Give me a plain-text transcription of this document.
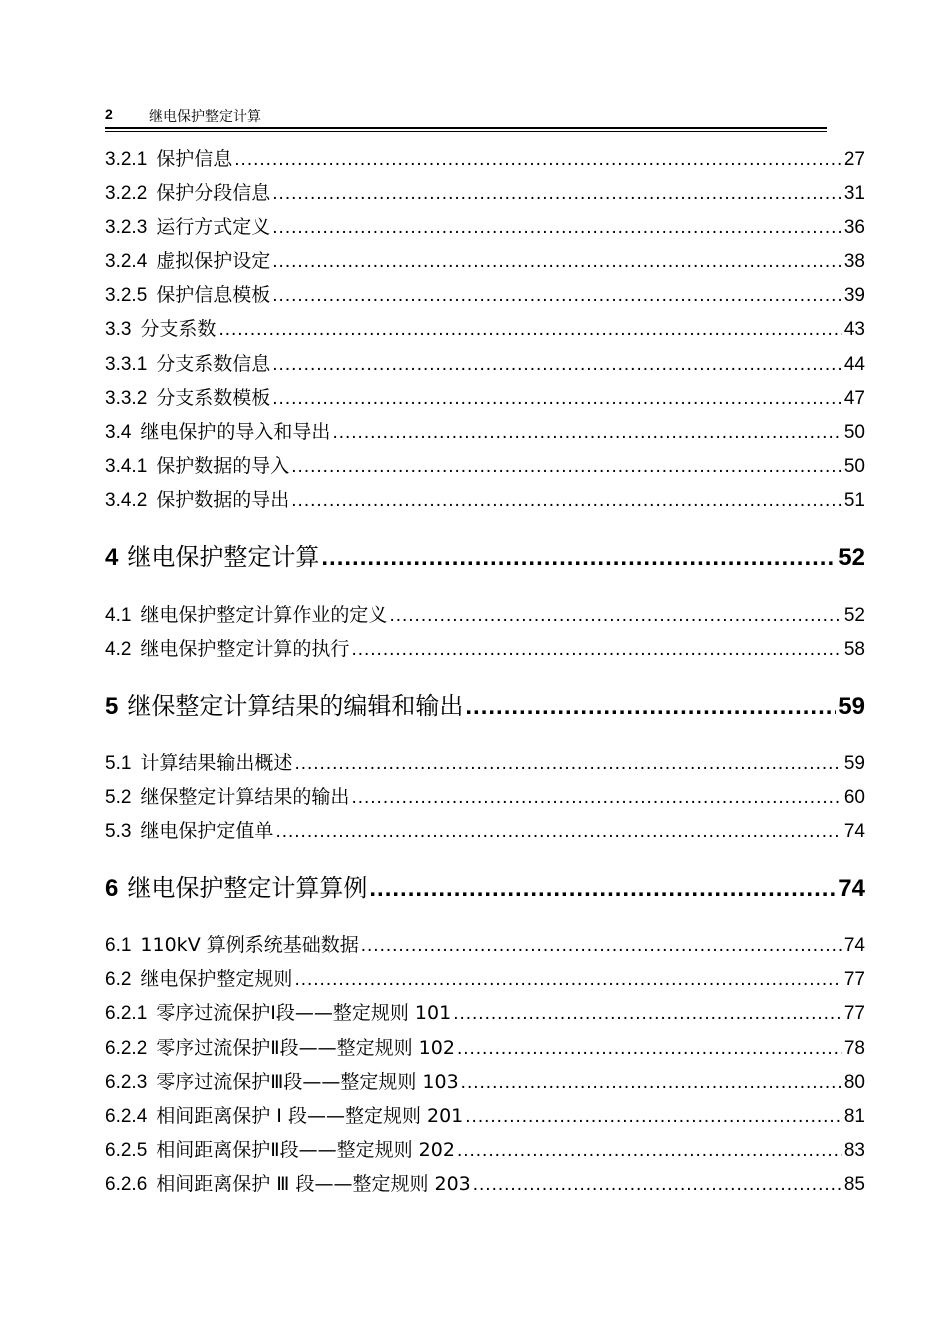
2	继电保护整定计算
3.2.1 保护信息 .....	27
3.2.2 保护分段信息 .....	31
3.2.3 运行方式定义 .....	36
3.2.4 虚拟保护设定 .....	38
3.2.5 保护信息模板 .....	39
3.3 分支系数 .....	43
3.3.1 分支系数信息 .....	44
3.3.2 分支系数模板 .....	47
3.4 继电保护的导入和导出 .....	50
3.4.1 保护数据的导入 .....	50
3.4.2 保护数据的导出 .....	51
4 继电保护整定计算 .....	52
4.1 继电保护整定计算作业的定义 .....	52
4.2 继电保护整定计算的执行 .....	58
5 继保整定计算结果的编辑和输出 .....	59
5.1 计算结果输出概述 .....	59
5.2 继保整定计算结果的输出 .....	60
5.3 继电保护定值单 .....	74
6 继电保护整定计算算例 .....	74
6.1 110kV 算例系统基础数据 .....	74
6.2 继电保护整定规则 .....	77
6.2.1 零序过流保护Ⅰ段——整定规则 101 .....	77
6.2.2 零序过流保护Ⅱ段——整定规则 102 .....	78
6.2.3 零序过流保护Ⅲ段——整定规则 103 .....	80
6.2.4 相间距离保护 Ⅰ 段——整定规则 201 .....	81
6.2.5 相间距离保护Ⅱ段——整定规则 202 .....	83
6.2.6 相间距离保护 Ⅲ 段——整定规则 203 .....	85
